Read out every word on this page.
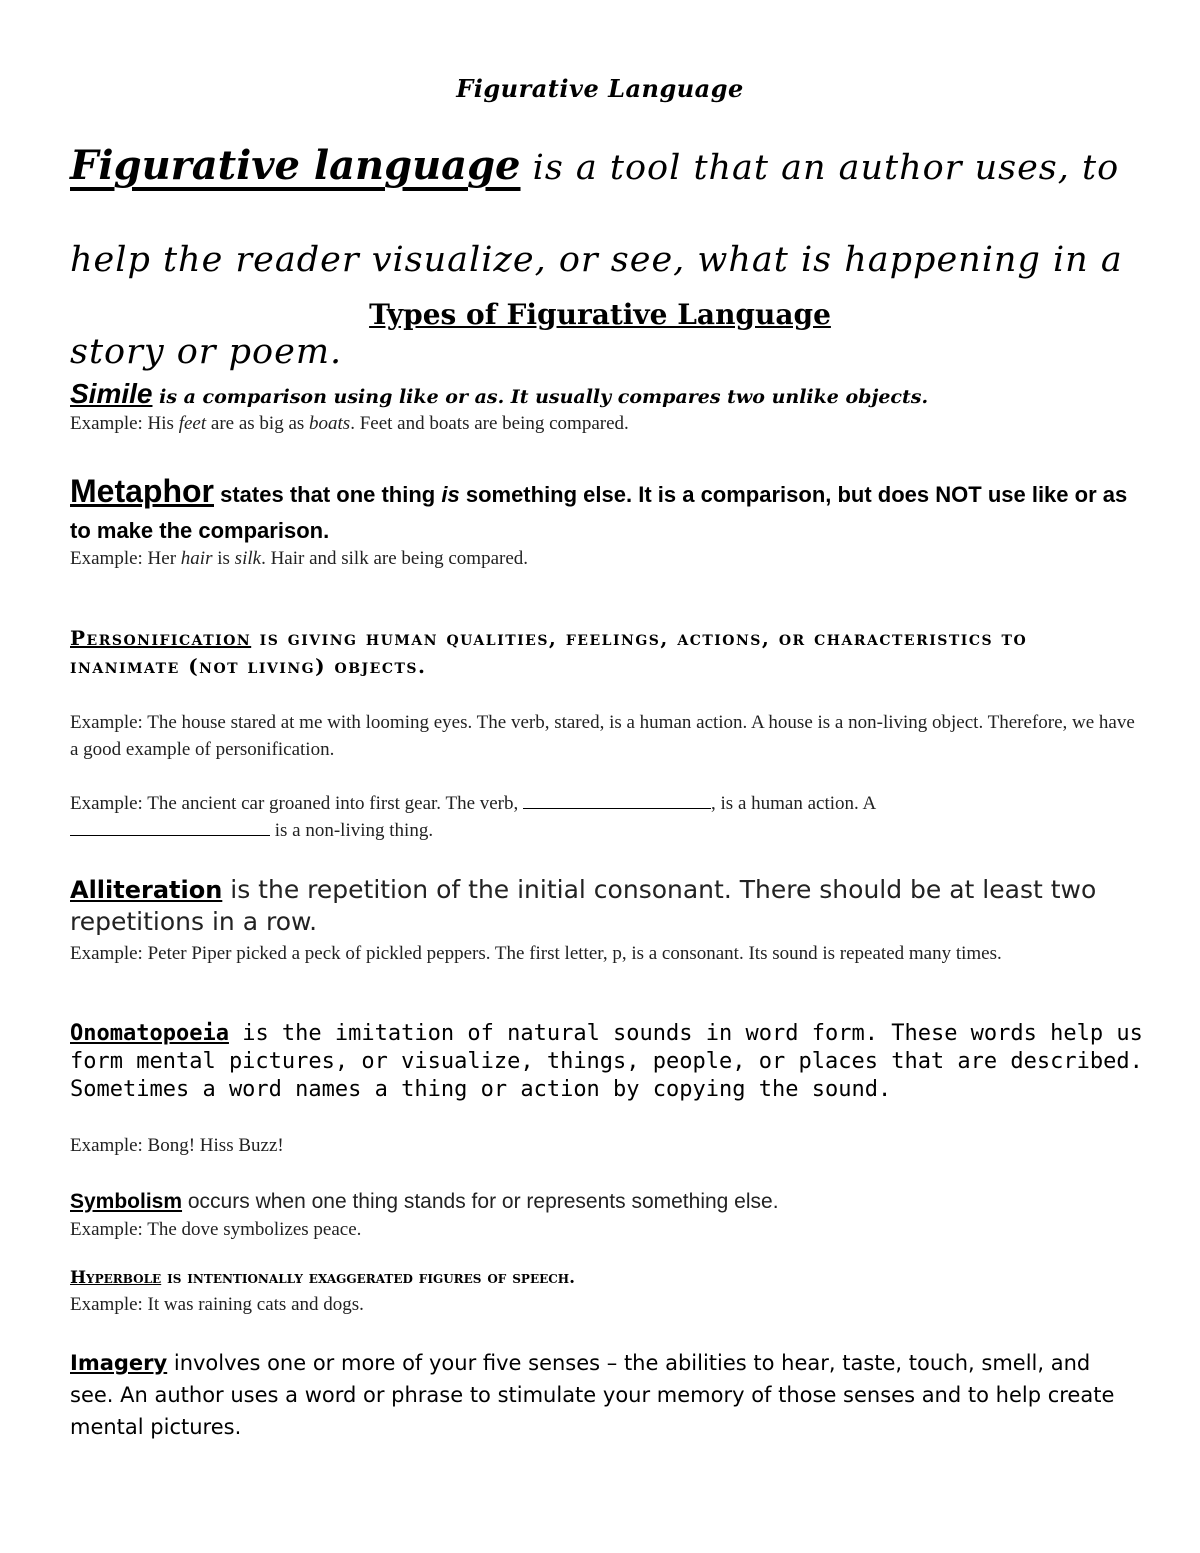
Figurative Language
Figurative language is a tool that an author uses, to help the reader visualize, or see, what is happening in a story or poem.
Types of Figurative Language
Simile is a comparison using like or as. It usually compares two unlike objects.
Example: His feet are as big as boats. Feet and boats are being compared.
Metaphor states that one thing is something else. It is a comparison, but does NOT use like or as to make the comparison.
Example: Her hair is silk. Hair and silk are being compared.
Personification is giving human qualities, feelings, actions, or characteristics to inanimate (not living) objects.
Example: The house stared at me with looming eyes. The verb, stared, is a human action. A house is a non-living object. Therefore, we have a good example of personification.
Example: The ancient car groaned into first gear. The verb,	, is a human action. A
is a non-living thing.
Alliteration is the repetition of the initial consonant. There should be at least two repetitions in a row.
Example: Peter Piper picked a peck of pickled peppers. The first letter, p, is a consonant. Its sound is repeated many times.
Onomatopoeia is the imitation of natural sounds in word form. These words help us form mental pictures, or visualize, things, people, or places that are described. Sometimes a word names a thing or action by copying the sound.
Example: Bong! Hiss Buzz!
Symbolism occurs when one thing stands for or represents something else.
Example: The dove symbolizes peace.
Hyperbole is intentionally exaggerated figures of speech.
Example: It was raining cats and dogs.
Imagery involves one or more of your five senses – the abilities to hear, taste, touch, smell, and see. An author uses a word or phrase to stimulate your memory of those senses and to help create mental pictures.
